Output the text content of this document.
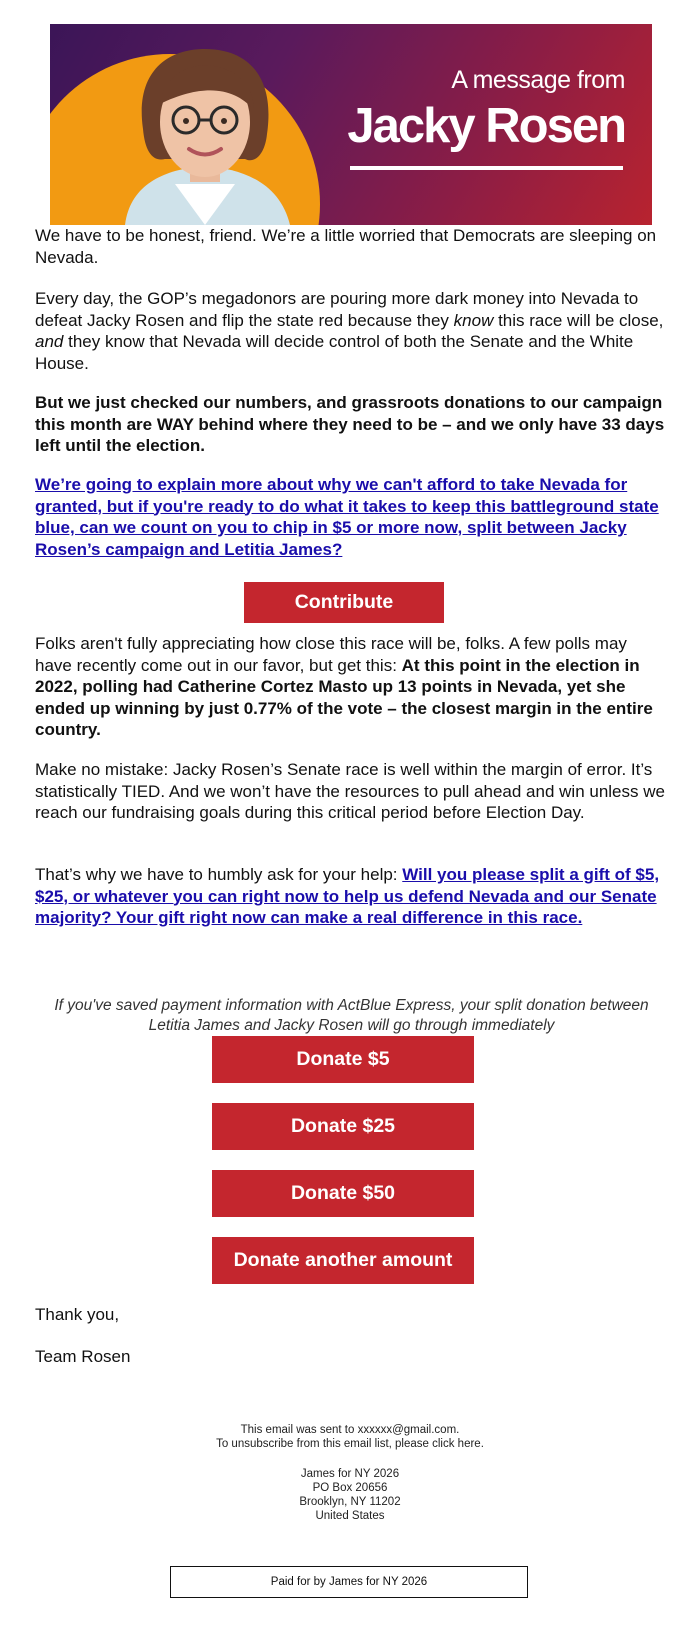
A message from
Jacky Rosen

We have to be honest, friend. We’re a little worried that Democrats are sleeping on Nevada.

Every day, the GOP’s megadonors are pouring more dark money into Nevada to defeat Jacky Rosen and flip the state red because they know this race will be close, and they know that Nevada will decide control of both the Senate and the White House.

But we just checked our numbers, and grassroots donations to our campaign this month are WAY behind where they need to be – and we only have 33 days left until the election.

We’re going to explain more about why we can't afford to take Nevada for granted, but if you're ready to do what it takes to keep this battleground state blue, can we count on you to chip in $5 or more now, split between Jacky Rosen’s campaign and Letitia James?

Contribute

Folks aren't fully appreciating how close this race will be, folks. A few polls may have recently come out in our favor, but get this: At this point in the election in 2022, polling had Catherine Cortez Masto up 13 points in Nevada, yet she ended up winning by just 0.77% of the vote – the closest margin in the entire country.

Make no mistake: Jacky Rosen’s Senate race is well within the margin of error. It’s statistically TIED. And we won’t have the resources to pull ahead and win unless we reach our fundraising goals during this critical period before Election Day.

That’s why we have to humbly ask for your help: Will you please split a gift of $5, $25, or whatever you can right now to help us defend Nevada and our Senate majority? Your gift right now can make a real difference in this race.

If you've saved payment information with ActBlue Express, your split donation between Letitia James and Jacky Rosen will go through immediately

Donate $5
Donate $25
Donate $50
Donate another amount

Thank you,

Team Rosen

This email was sent to xxxxxx@gmail.com.
To unsubscribe from this email list, please click here.
James for NY 2026
PO Box 20656
Brooklyn, NY 11202
United States
Paid for by James for NY 2026
